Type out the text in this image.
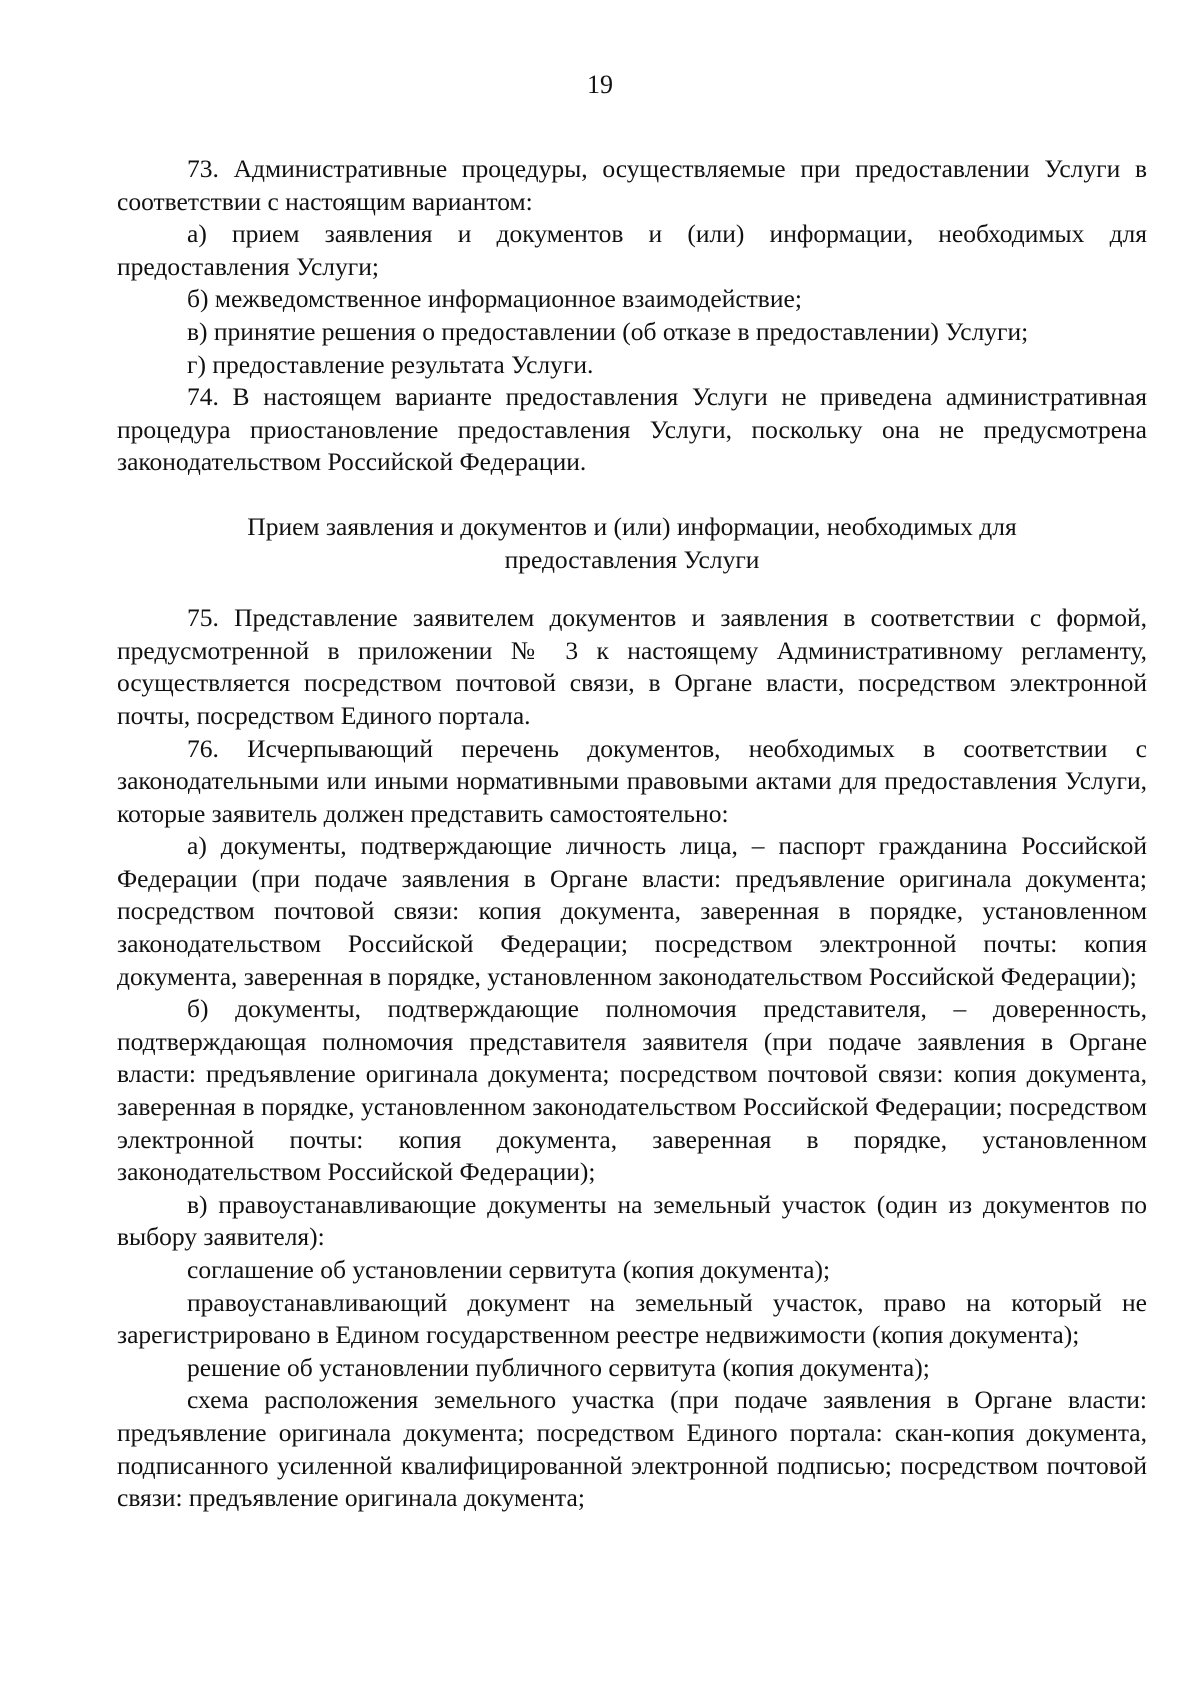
19

73. Административные процедуры, осуществляемые при предоставлении Услуги в соответствии с настоящим вариантом:

а) прием заявления и документов и (или) информации, необходимых для предоставления Услуги;

б) межведомственное информационное взаимодействие;

в) принятие решения о предоставлении (об отказе в предоставлении) Услуги;

г) предоставление результата Услуги.

74. В настоящем варианте предоставления Услуги не приведена административная процедура приостановление предоставления Услуги, поскольку она не предусмотрена законодательством Российской Федерации.

Прием заявления и документов и (или) информации, необходимых для предоставления Услуги

75. Представление заявителем документов и заявления в соответствии с формой, предусмотренной в приложении № 3 к настоящему Административному регламенту, осуществляется посредством почтовой связи, в Органе власти, посредством электронной почты, посредством Единого портала.

76. Исчерпывающий перечень документов, необходимых в соответствии с законодательными или иными нормативными правовыми актами для предоставления Услуги, которые заявитель должен представить самостоятельно:

а) документы, подтверждающие личность лица, – паспорт гражданина Российской Федерации (при подаче заявления в Органе власти: предъявление оригинала документа; посредством почтовой связи: копия документа, заверенная в порядке, установленном законодательством Российской Федерации; посредством электронной почты: копия документа, заверенная в порядке, установленном законодательством Российской Федерации);

б) документы, подтверждающие полномочия представителя, – доверенность, подтверждающая полномочия представителя заявителя (при подаче заявления в Органе власти: предъявление оригинала документа; посредством почтовой связи: копия документа, заверенная в порядке, установленном законодательством Российской Федерации; посредством электронной почты: копия документа, заверенная в порядке, установленном законодательством Российской Федерации);

в) правоустанавливающие документы на земельный участок (один из документов по выбору заявителя):

соглашение об установлении сервитута (копия документа);

правоустанавливающий документ на земельный участок, право на который не зарегистрировано в Едином государственном реестре недвижимости (копия документа);

решение об установлении публичного сервитута (копия документа);

схема расположения земельного участка (при подаче заявления в Органе власти: предъявление оригинала документа; посредством Единого портала: скан-копия документа, подписанного усиленной квалифицированной электронной подписью; посредством почтовой связи: предъявление оригинала документа;
